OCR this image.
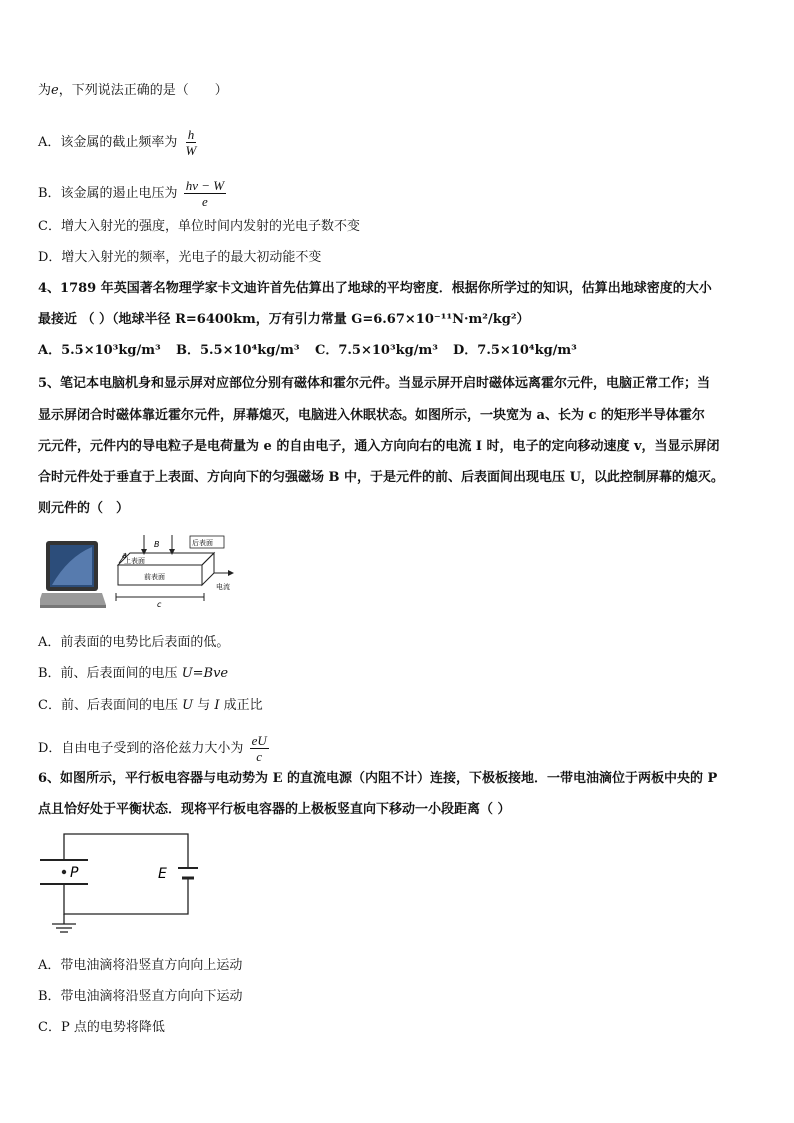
为e，下列说法正确的是（　　）
A．该金属的截止频率为 $\frac{h}{W}$
B．该金属的遏止电压为 $\frac{h\nu - W}{e}$
C．增大入射光的强度，单位时间内发射的光电子数不变
D．增大入射光的频率，光电子的最大初动能不变
4、1789 年英国著名物理学家卡文迪许首先估算出了地球的平均密度．根据你所学过的知识，估算出地球密度的大小
最接近 （ ）（地球半径 R=6400km，万有引力常量 G=6.67×10⁻¹¹N·m²/kg²）
A．5.5×10³kg/m³ B．5.5×10⁴kg/m³ C．7.5×10³kg/m³ D．7.5×10⁴kg/m³
5、笔记本电脑机身和显示屏对应部位分别有磁体和霍尔元件。当显示屏开启时磁体远离霍尔元件，电脑正常工作；当
显示屏闭合时磁体靠近霍尔元件，屏幕熄灭，电脑进入休眠状态。如图所示，一块宽为 a、长为 c 的矩形半导体霍尔
元元件，元件内的导电粒子是电荷量为 e 的自由电子，通入方向向右的电流 I 时，电子的定向移动速度 v，当显示屏闭
合时元件处于垂直于上表面、方向向下的匀强磁场 B 中，于是元件的前、后表面间出现电压 U，以此控制屏幕的熄灭。
则元件的（　）
a
B	后表面
上表面
前表面
c
电流
A．前表面的电势比后表面的低。
B．前、后表面间的电压 U=Bve
C．前、后表面间的电压 U 与 I 成正比
D．自由电子受到的洛伦兹力大小为 $\frac{eU}{c}$
6、如图所示，平行板电容器与电动势为 E 的直流电源（内阻不计）连接，下极板接地．一带电油滴位于两板中央的 P
点且恰好处于平衡状态．现将平行板电容器的上极板竖直向下移动一小段距离（ ）
P	E
A．带电油滴将沿竖直方向向上运动
B．带电油滴将沿竖直方向向下运动
C．P 点的电势将降低
